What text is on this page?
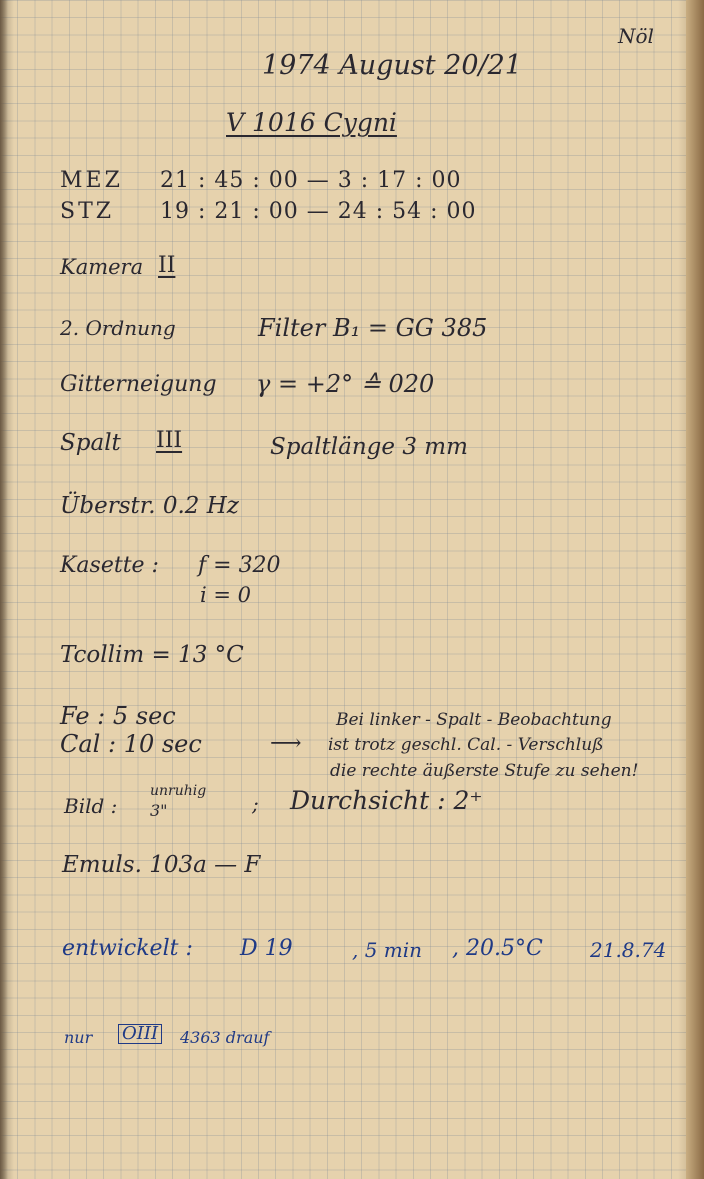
Nöl
1974 August 20/21
V 1016 Cygni
MEZ 21 : 45 : 00 — 3 : 17 : 00
STZ 19 : 21 : 00 — 24 : 54 : 00
Kamera II
2. Ordnung	Filter B₁ = GG 385
Gitterneigung γ = +2° ≙ 020
Spalt III	Spaltlänge 3 mm
Überstr. 0.2 Hz
Kasette : f = 320
i = 0
Tcollim = 13 °C
Fe : 5 sec
Cal : 10 sec	⟶
Bei linker - Spalt - Beobachtung
ist trotz geschl. Cal. - Verschluß
die rechte äußerste Stufe zu sehen!
Bild :
unruhig
3"	; Durchsicht : 2⁺
Emuls. 103a — F
entwickelt : D 19	, 5 min , 20.5°C 21.8.74
nur OIII 4363 drauf
